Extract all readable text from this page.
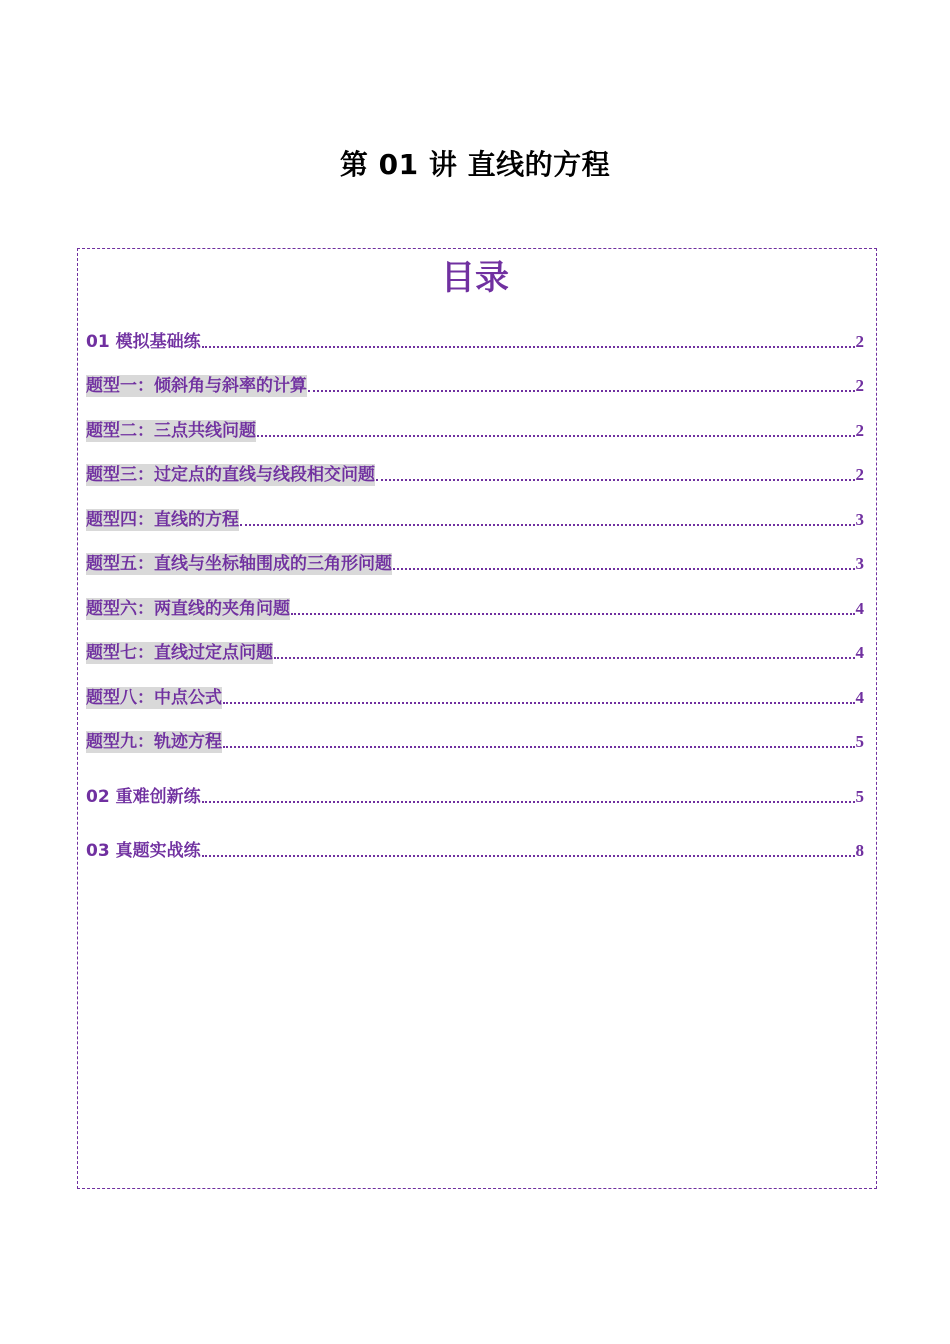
第 01 讲 直线的方程
目录
01 模拟基础练	2
题型一：倾斜角与斜率的计算	2
题型二：三点共线问题	2
题型三：过定点的直线与线段相交问题	2
题型四：直线的方程	3
题型五：直线与坐标轴围成的三角形问题	3
题型六：两直线的夹角问题	4
题型七：直线过定点问题	4
题型八：中点公式	4
题型九：轨迹方程	5
02 重难创新练	5
03 真题实战练	8
